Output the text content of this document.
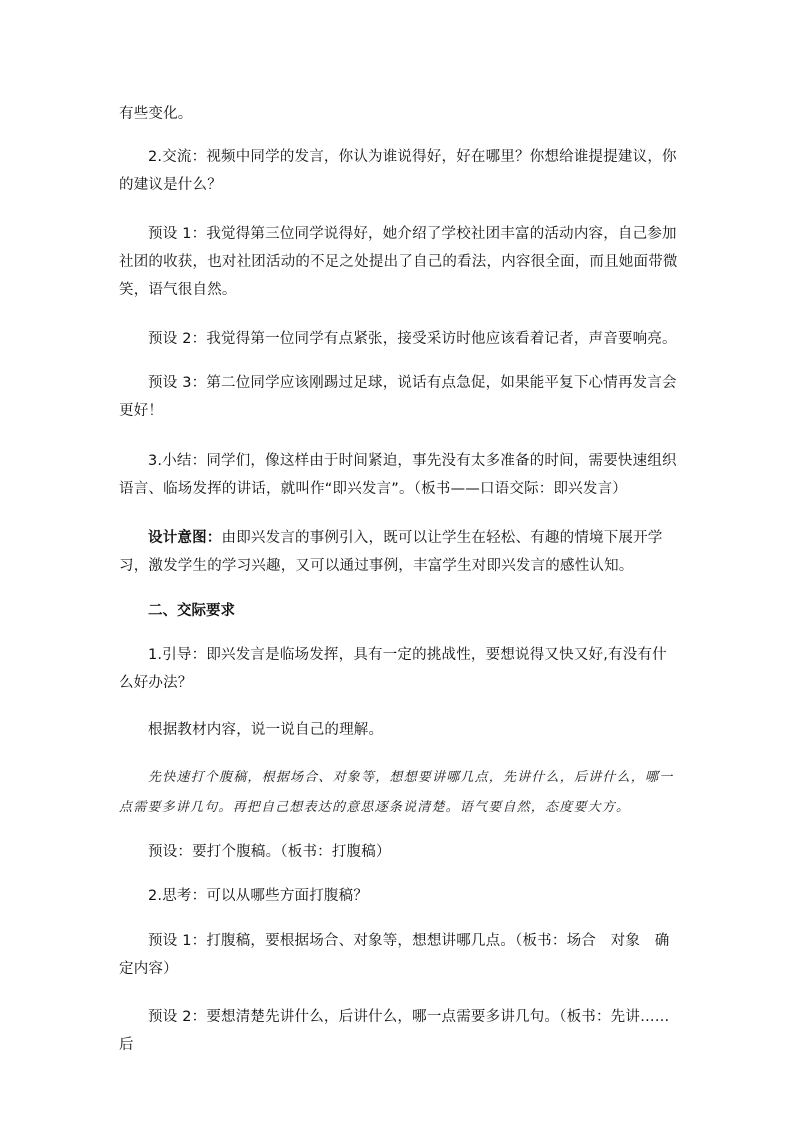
有些变化。

2.交流：视频中同学的发言，你认为谁说得好，好在哪里？你想给谁提提建议，你的建议是什么？

预设 1：我觉得第三位同学说得好，她介绍了学校社团丰富的活动内容，自己参加社团的收获，也对社团活动的不足之处提出了自己的看法，内容很全面，而且她面带微笑，语气很自然。

预设 2：我觉得第一位同学有点紧张，接受采访时他应该看着记者，声音要响亮。

预设 3：第二位同学应该刚踢过足球，说话有点急促，如果能平复下心情再发言会更好！

3.小结：同学们，像这样由于时间紧迫，事先没有太多准备的时间，需要快速组织语言、临场发挥的讲话，就叫作“即兴发言”。（板书——口语交际：即兴发言）

设计意图：由即兴发言的事例引入，既可以让学生在轻松、有趣的情境下展开学习，激发学生的学习兴趣，又可以通过事例，丰富学生对即兴发言的感性认知。

二、交际要求

1.引导：即兴发言是临场发挥，具有一定的挑战性，要想说得又快又好,有没有什么好办法？

根据教材内容，说一说自己的理解。

先快速打个腹稿，根据场合、对象等，想想要讲哪几点，先讲什么，后讲什么，哪一点需要多讲几句。再把自己想表达的意思逐条说清楚。语气要自然，态度要大方。

预设：要打个腹稿。（板书：打腹稿）

2.思考：可以从哪些方面打腹稿？

预设 1：打腹稿，要根据场合、对象等，想想讲哪几点。（板书：场合　对象　确定内容）

预设 2：要想清楚先讲什么，后讲什么，哪一点需要多讲几句。（板书：先讲……后
